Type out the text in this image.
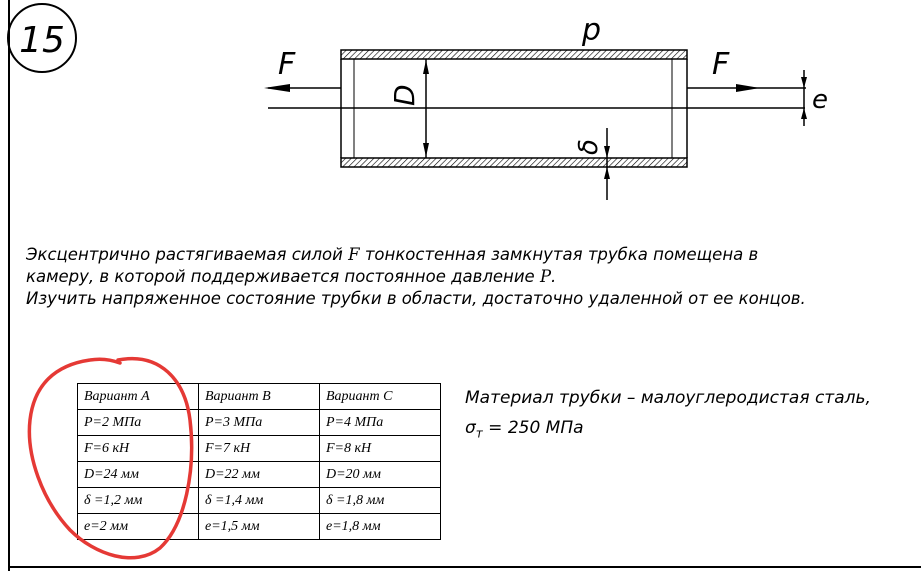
15
F	F
p
D
δ
e

Эксцентрично растягиваемая силой F тонкостенная замкнутая трубка помещена в

камеру, в которой поддерживается постоянное давление P.

Изучить напряженное состояние трубки в области, достаточно удаленной от ее концов.

Вариант A	Вариант B	Вариант C
P=2 МПа	P=3 МПа	P=4 МПа
F=6 кН	F=7 кН	F=8 кН
D=24 мм	D=22 мм	D=20 мм
δ =1,2 мм	δ =1,4 мм	δ =1,8 мм
e=2 мм	e=1,5 мм	e=1,8 мм
Материал трубки – малоуглеродистая сталь,
$\sigma_т = 250$ МПа
